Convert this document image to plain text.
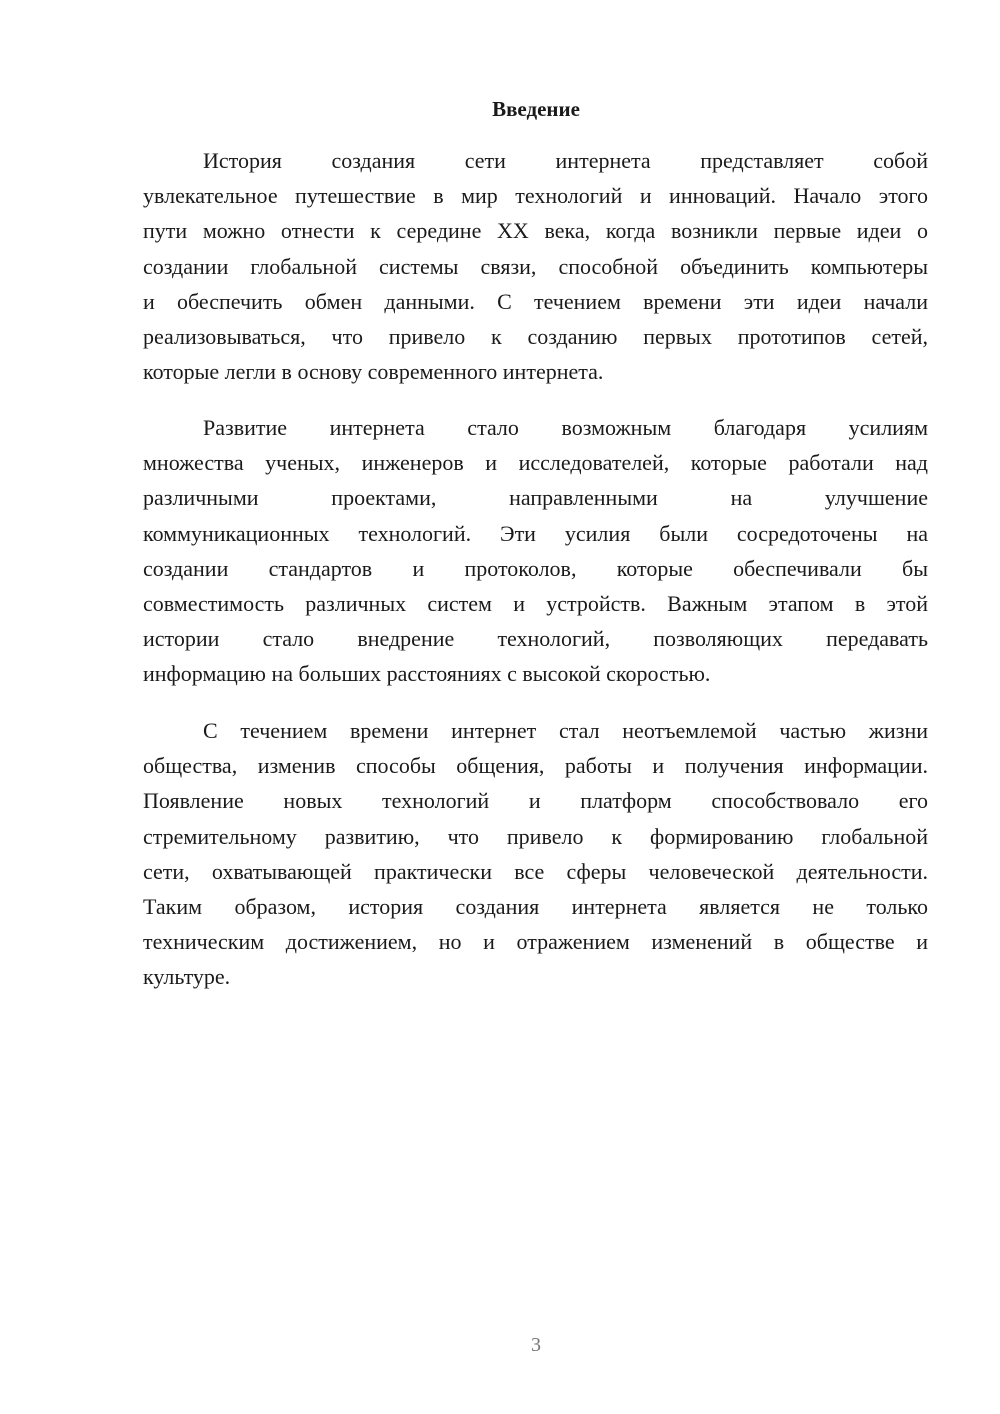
Введение
История создания сети интернета представляет собой
увлекательное путешествие в мир технологий и инноваций. Начало этого
пути можно отнести к середине XX века, когда возникли первые идеи о
создании глобальной системы связи, способной объединить компьютеры
и обеспечить обмен данными. С течением времени эти идеи начали
реализовываться, что привело к созданию первых прототипов сетей,
которые легли в основу современного интернета.
Развитие интернета стало возможным благодаря усилиям
множества ученых, инженеров и исследователей, которые работали над
различными проектами, направленными на улучшение
коммуникационных технологий. Эти усилия были сосредоточены на
создании стандартов и протоколов, которые обеспечивали бы
совместимость различных систем и устройств. Важным этапом в этой
истории стало внедрение технологий, позволяющих передавать
информацию на больших расстояниях с высокой скоростью.
С течением времени интернет стал неотъемлемой частью жизни
общества, изменив способы общения, работы и получения информации.
Появление новых технологий и платформ способствовало его
стремительному развитию, что привело к формированию глобальной
сети, охватывающей практически все сферы человеческой деятельности.
Таким образом, история создания интернета является не только
техническим достижением, но и отражением изменений в обществе и
культуре.
3
